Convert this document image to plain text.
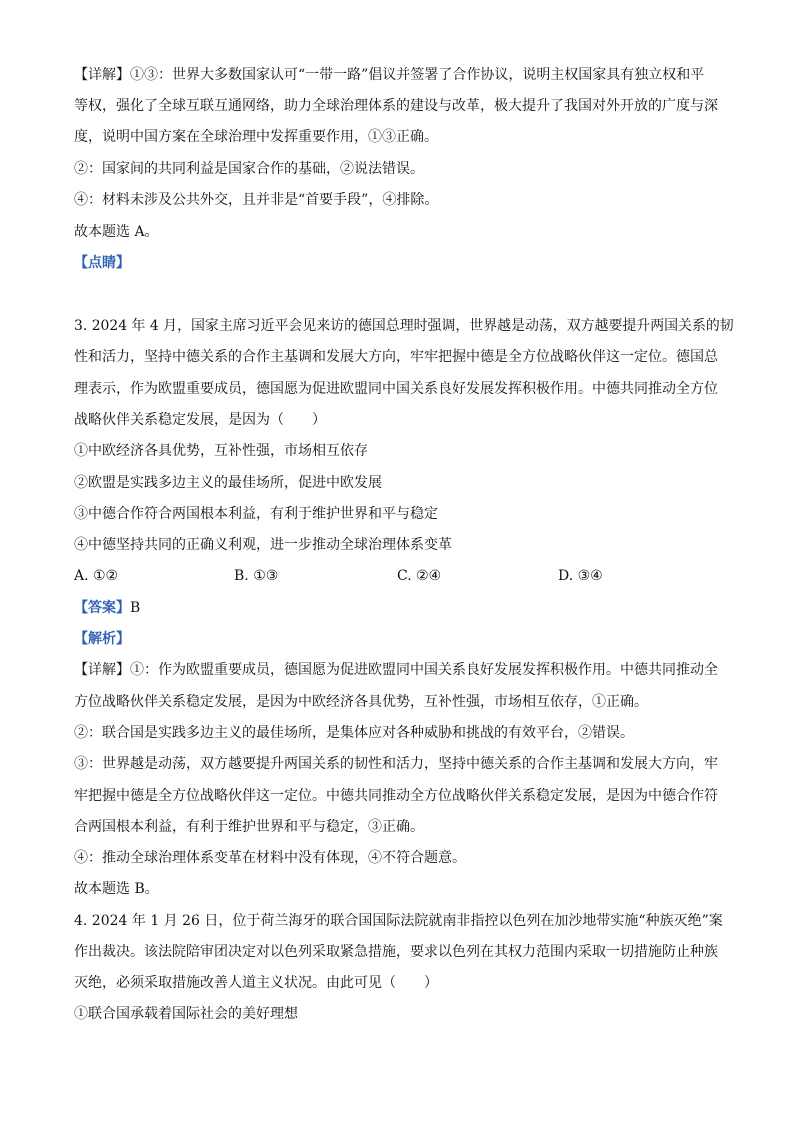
【详解】①③：世界大多数国家认可“一带一路”倡议并签署了合作协议，说明主权国家具有独立权和平
等权，强化了全球互联互通网络，助力全球治理体系的建设与改革，极大提升了我国对外开放的广度与深
度，说明中国方案在全球治理中发挥重要作用，①③正确。
②：国家间的共同利益是国家合作的基础，②说法错误。
④：材料未涉及公共外交，且并非是“首要手段”，④排除。
故本题选 A。
【点睛】
3. 2024 年 4 月，国家主席习近平会见来访的德国总理时强调，世界越是动荡，双方越要提升两国关系的韧
性和活力，坚持中德关系的合作主基调和发展大方向，牢牢把握中德是全方位战略伙伴这一定位。德国总
理表示，作为欧盟重要成员，德国愿为促进欧盟同中国关系良好发展发挥积极作用。中德共同推动全方位
战略伙伴关系稳定发展，是因为（　　）
①中欧经济各具优势，互补性强，市场相互依存
②欧盟是实践多边主义的最佳场所，促进中欧发展
③中德合作符合两国根本利益，有利于维护世界和平与稳定
④中德坚持共同的正确义利观，进一步推动全球治理体系变革
A. ①②	B. ①③	C. ②④	D. ③④
【答案】B
【解析】
【详解】①：作为欧盟重要成员，德国愿为促进欧盟同中国关系良好发展发挥积极作用。中德共同推动全
方位战略伙伴关系稳定发展，是因为中欧经济各具优势，互补性强，市场相互依存，①正确。
②：联合国是实践多边主义的最佳场所，是集体应对各种威胁和挑战的有效平台，②错误。
③：世界越是动荡，双方越要提升两国关系的韧性和活力，坚持中德关系的合作主基调和发展大方向，牢
牢把握中德是全方位战略伙伴这一定位。中德共同推动全方位战略伙伴关系稳定发展，是因为中德合作符
合两国根本利益，有利于维护世界和平与稳定，③正确。
④：推动全球治理体系变革在材料中没有体现，④不符合题意。
故本题选 B。
4. 2024 年 1 月 26 日，位于荷兰海牙的联合国国际法院就南非指控以色列在加沙地带实施“种族灭绝”案
作出裁决。该法院陪审团决定对以色列采取紧急措施，要求以色列在其权力范围内采取一切措施防止种族
灭绝，必须采取措施改善人道主义状况。由此可见（　　）
①联合国承载着国际社会的美好理想
